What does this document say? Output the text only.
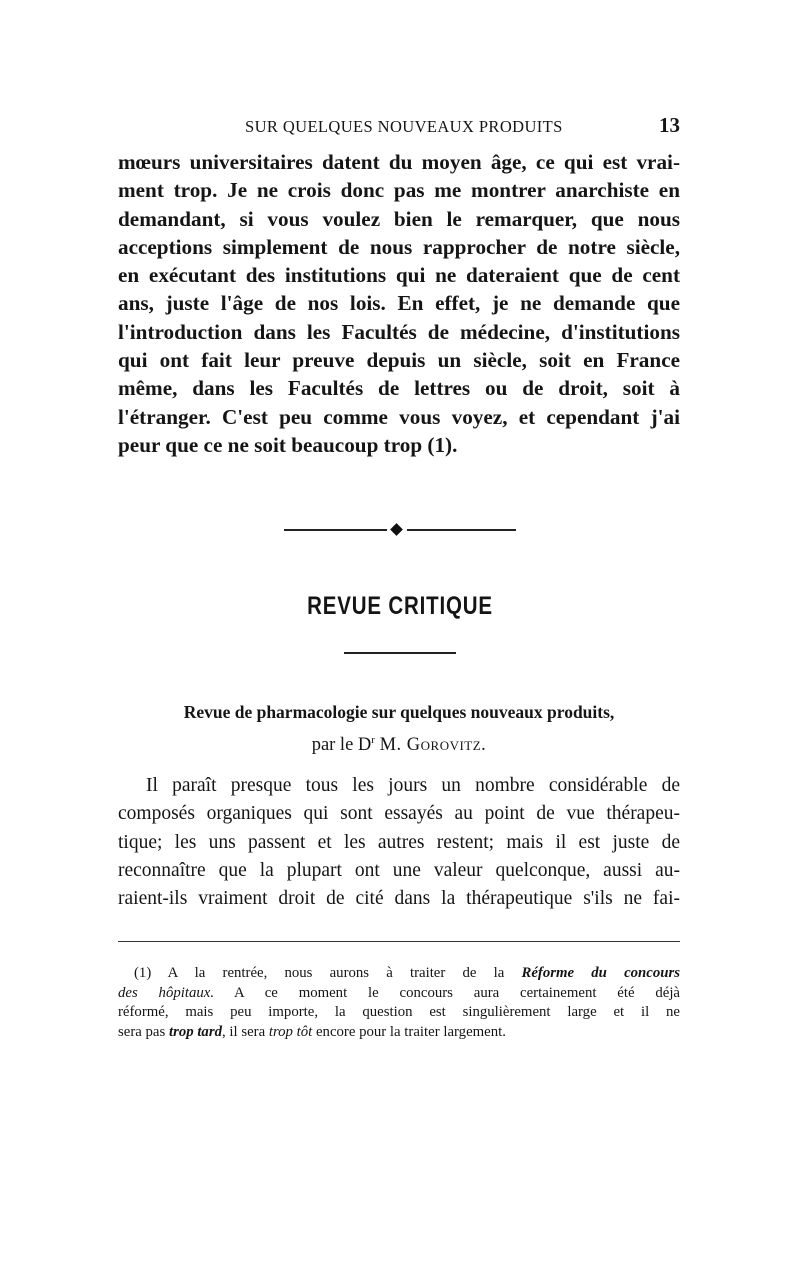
SUR QUELQUES NOUVEAUX PRODUITS	13
mœurs universitaires datent du moyen âge, ce qui est vrai-
ment trop. Je ne crois donc pas me montrer anarchiste en
demandant, si vous voulez bien le remarquer, que nous
acceptions simplement de nous rapprocher de notre siècle,
en exécutant des institutions qui ne dateraient que de cent
ans, juste l'âge de nos lois. En effet, je ne demande que
l'introduction dans les Facultés de médecine, d'institutions
qui ont fait leur preuve depuis un siècle, soit en France
même, dans les Facultés de lettres ou de droit, soit à
l'étranger. C'est peu comme vous voyez, et cependant j'ai
peur que ce ne soit beaucoup trop (1).
REVUE CRITIQUE
Revue de pharmacologie sur quelques nouveaux produits,
par le $D^r$ M. Gorovitz.
Il paraît presque tous les jours un nombre considérable de
composés organiques qui sont essayés au point de vue thérapeu-
tique; les uns passent et les autres restent; mais il est juste de
reconnaître que la plupart ont une valeur quelconque, aussi au-
raient-ils vraiment droit de cité dans la thérapeutique s'ils ne fai-
(1) A la rentrée, nous aurons à traiter de la Réforme du concours
des hôpitaux. A ce moment le concours aura certainement été déjà
réformé, mais peu importe, la question est singulièrement large et il ne
sera pas trop tard, il sera trop tôt encore pour la traiter largement.
